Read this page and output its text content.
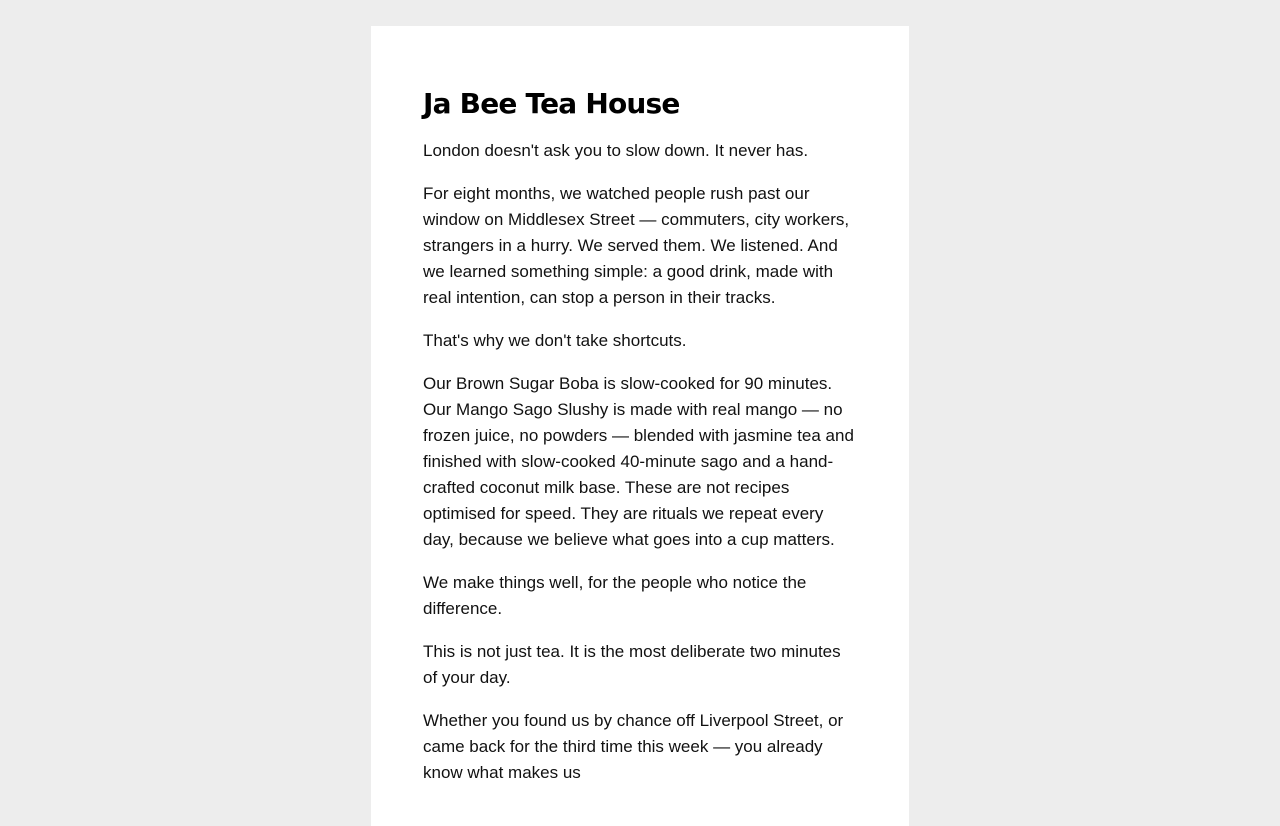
Ja Bee Tea House

London doesn't ask you to slow down. It never has.

For eight months, we watched people rush past our window on Middlesex Street — commuters, city workers, strangers in a hurry. We served them. We listened. And we learned something simple: a good drink, made with real intention, can stop a person in their tracks.

That's why we don't take shortcuts.

Our Brown Sugar Boba is slow-cooked for 90 minutes. Our Mango Sago Slushy is made with real mango — no frozen juice, no powders — blended with jasmine tea and finished with slow-cooked 40-minute sago and a hand-crafted coconut milk base. These are not recipes optimised for speed. They are rituals we repeat every day, because we believe what goes into a cup matters.

We make things well, for the people who notice the difference.

This is not just tea. It is the most deliberate two minutes of your day.

Whether you found us by chance off Liverpool Street, or came back for the third time this week — you already know what makes us
